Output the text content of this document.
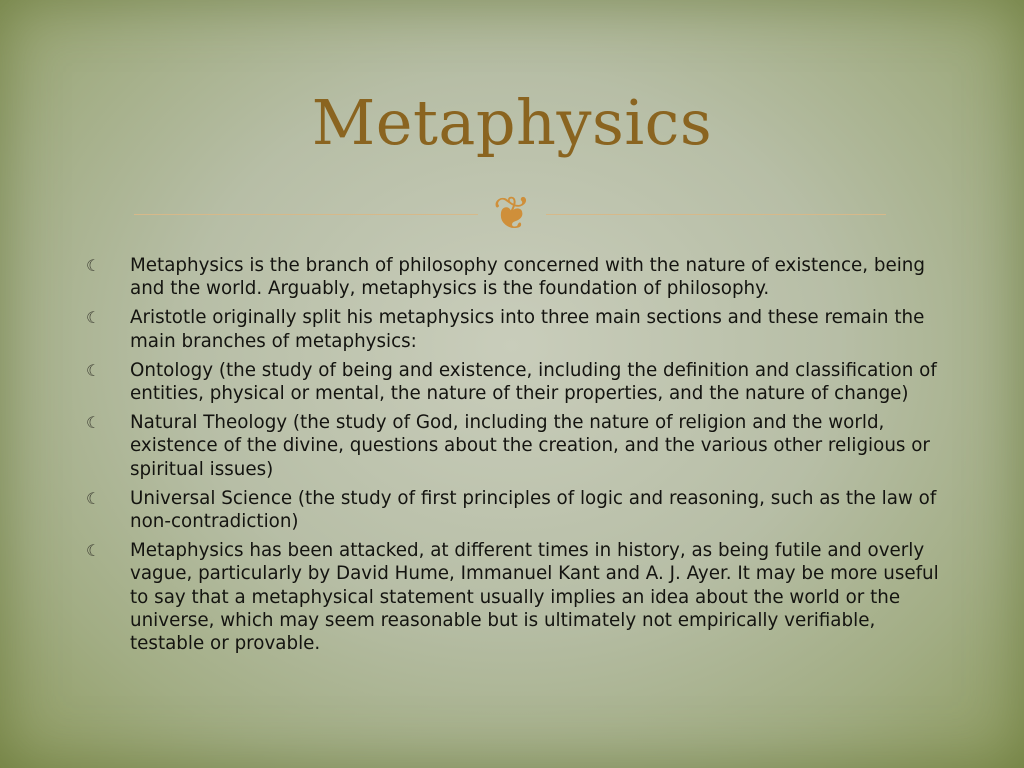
Metaphysics
❦
☾ Metaphysics is the branch of philosophy concerned with the nature of existence, being and the world. Arguably, metaphysics is the foundation of philosophy.
☾ Aristotle originally split his metaphysics into three main sections and these remain the main branches of metaphysics:
☾ Ontology (the study of being and existence, including the definition and classification of entities, physical or mental, the nature of their properties, and the nature of change)
☾ Natural Theology (the study of God, including the nature of religion and the world, existence of the divine, questions about the creation, and the various other religious or spiritual issues)
☾ Universal Science (the study of first principles of logic and reasoning, such as the law of non-contradiction)
☾ Metaphysics has been attacked, at different times in history, as being futile and overly vague, particularly by David Hume, Immanuel Kant and A. J. Ayer. It may be more useful to say that a metaphysical statement usually implies an idea about the world or the universe, which may seem reasonable but is ultimately not empirically verifiable, testable or provable.
